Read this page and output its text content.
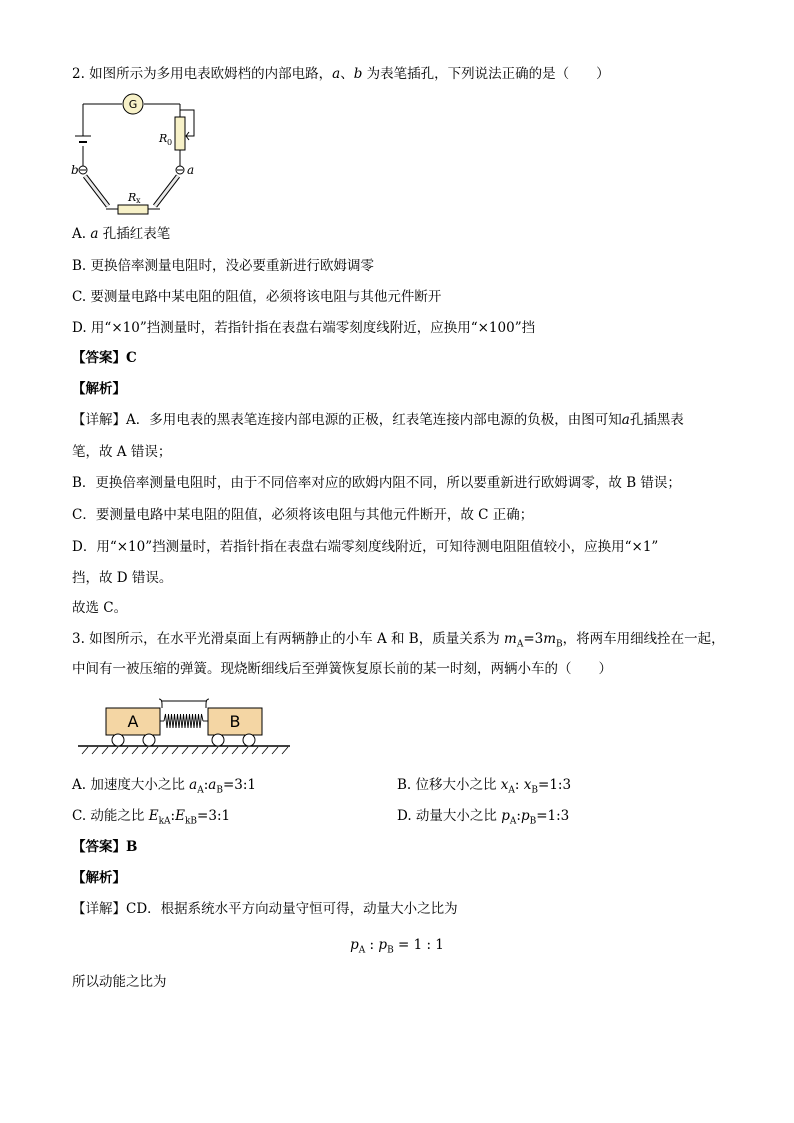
2. 如图所示为多用电表欧姆档的内部电路，a、b 为表笔插孔，下列说法正确的是（　　）
G
R 0
b	a
R x
A. a 孔插红表笔
B. 更换倍率测量电阻时，没必要重新进行欧姆调零
C. 要测量电路中某电阻的阻值，必须将该电阻与其他元件断开
D. 用“×10”挡测量时，若指针指在表盘右端零刻度线附近，应换用“×100”挡
【答案】C
【解析】
【详解】A．多用电表的黑表笔连接内部电源的正极，红表笔连接内部电源的负极，由图可知a孔插黑表
笔，故 A 错误；
B．更换倍率测量电阻时，由于不同倍率对应的欧姆内阻不同，所以要重新进行欧姆调零，故 B 错误；
C．要测量电路中某电阻的阻值，必须将该电阻与其他元件断开，故 C 正确；
D．用“×10”挡测量时，若指针指在表盘右端零刻度线附近，可知待测电阻阻值较小，应换用“×1”
挡，故 D 错误。
故选 C。
3. 如图所示，在水平光滑桌面上有两辆静止的小车 A 和 B，质量关系为 $m_A=3m_B$，将两车用细线拴在一起，
中间有一被压缩的弹簧。现烧断细线后至弹簧恢复原长前的某一时刻，两辆小车的（　　）
A	B
A. 加速度大小之比 $a_A:a_B=3:1$	B. 位移大小之比 $x_A$: $x_B=1:3$
C. 动能之比 $E_{kA}:E_{kB}=3:1$	D. 动量大小之比 $p_A:p_B=1:3$
【答案】B
【解析】
【详解】CD．根据系统水平方向动量守恒可得，动量大小之比为
$p_A$ : $p_B = 1$ : 1
所以动能之比为
